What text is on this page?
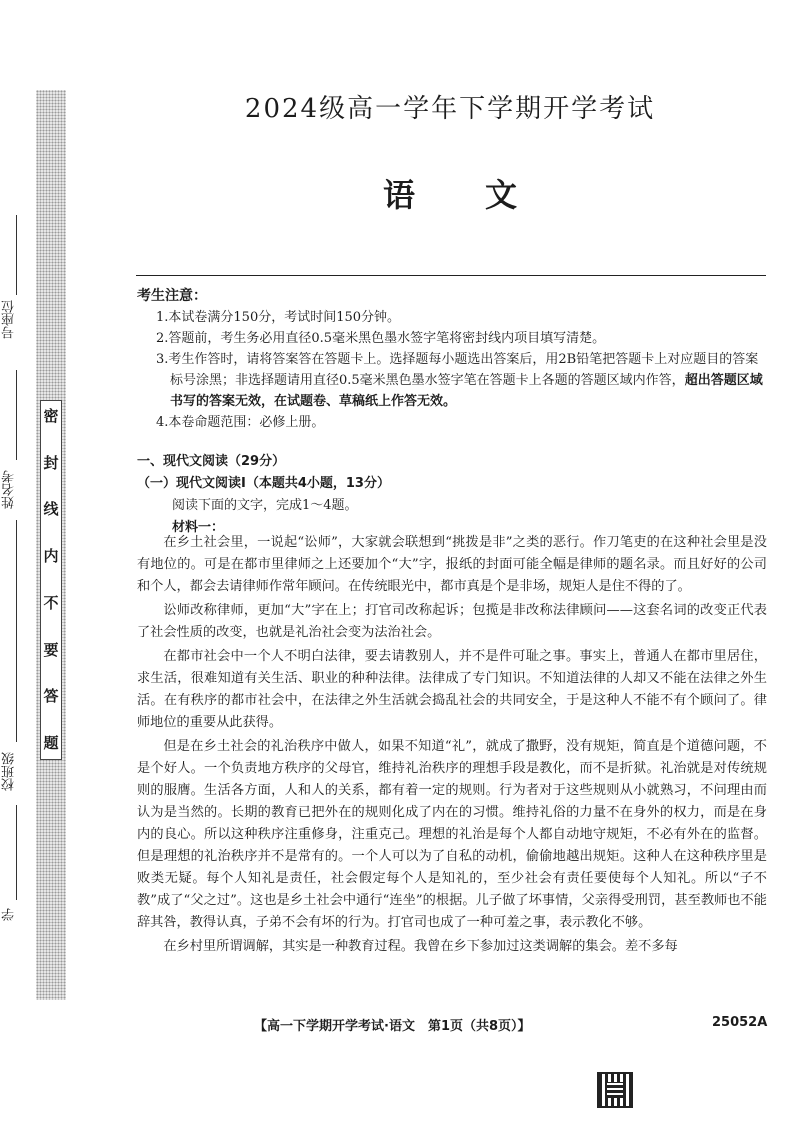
密
封
线
内
不
要
答
题
号座位
姓名考
校班级
学
2024级高一学年下学期开学考试
语文
考生注意：
1.本试卷满分150分，考试时间150分钟。
2.答题前，考生务必用直径0.5毫米黑色墨水签字笔将密封线内项目填写清楚。
3.考生作答时，请将答案答在答题卡上。选择题每小题选出答案后，用2B铅笔把答题卡上对应题目的答案标号涂黑；非选择题请用直径0.5毫米黑色墨水签字笔在答题卡上各题的答题区域内作答，超出答题区域书写的答案无效，在试题卷、草稿纸上作答无效。
4.本卷命题范围：必修上册。
一、现代文阅读（29分）
（一）现代文阅读Ⅰ（本题共4小题，13分）
阅读下面的文字，完成1～4题。
材料一：

在乡土社会里，一说起“讼师”，大家就会联想到“挑拨是非”之类的恶行。作刀笔吏的在这种社会里是没有地位的。可是在都市里律师之上还要加个“大”字，报纸的封面可能全幅是律师的题名录。而且好好的公司和个人，都会去请律师作常年顾问。在传统眼光中，都市真是个是非场，规矩人是住不得的了。

讼师改称律师，更加“大”字在上；打官司改称起诉；包揽是非改称法律顾问——这套名词的改变正代表了社会性质的改变，也就是礼治社会变为法治社会。

在都市社会中一个人不明白法律，要去请教别人，并不是件可耻之事。事实上，普通人在都市里居住，求生活，很难知道有关生活、职业的种种法律。法律成了专门知识。不知道法律的人却又不能在法律之外生活。在有秩序的都市社会中，在法律之外生活就会捣乱社会的共同安全，于是这种人不能不有个顾问了。律师地位的重要从此获得。

但是在乡土社会的礼治秩序中做人，如果不知道“礼”，就成了撒野，没有规矩，简直是个道德问题，不是个好人。一个负责地方秩序的父母官，维持礼治秩序的理想手段是教化，而不是折狱。礼治就是对传统规则的服膺。生活各方面，人和人的关系，都有着一定的规则。行为者对于这些规则从小就熟习，不问理由而认为是当然的。长期的教育已把外在的规则化成了内在的习惯。维持礼俗的力量不在身外的权力，而是在身内的良心。所以这种秩序注重修身，注重克己。理想的礼治是每个人都自动地守规矩，不必有外在的监督。但是理想的礼治秩序并不是常有的。一个人可以为了自私的动机，偷偷地越出规矩。这种人在这种秩序里是败类无疑。每个人知礼是责任，社会假定每个人是知礼的，至少社会有责任要使每个人知礼。所以“子不教”成了“父之过”。这也是乡土社会中通行“连坐”的根据。儿子做了坏事情，父亲得受刑罚，甚至教师也不能辞其咎，教得认真，子弟不会有坏的行为。打官司也成了一种可羞之事，表示教化不够。

在乡村里所谓调解，其实是一种教育过程。我曾在乡下参加过这类调解的集会。差不多每

【高一下学期开学考试·语文　第1页（共8页）】	25052A
